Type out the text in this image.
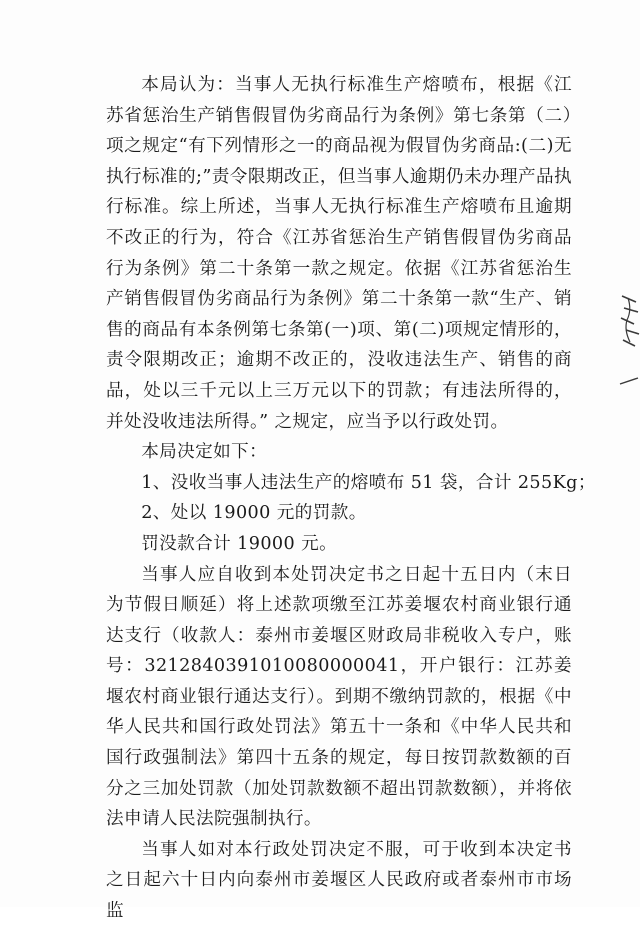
本局认为：当事人无执行标准生产熔喷布，根据《江苏省惩治生产销售假冒伪劣商品行为条例》第七条第（二）项之规定“有下列情形之一的商品视为假冒伪劣商品:(二)无执行标准的;”责令限期改正，但当事人逾期仍未办理产品执行标准。综上所述，当事人无执行标准生产熔喷布且逾期不改正的行为，符合《江苏省惩治生产销售假冒伪劣商品行为条例》第二十条第一款之规定。依据《江苏省惩治生产销售假冒伪劣商品行为条例》第二十条第一款“生产、销售的商品有本条例第七条第(一)项、第(二)项规定情形的，责令限期改正；逾期不改正的，没收违法生产、销售的商品，处以三千元以上三万元以下的罚款；有违法所得的，并处没收违法所得。” 之规定，应当予以行政处罚。

本局决定如下：

1、没收当事人违法生产的熔喷布 51 袋，合计 255Kg；

2、处以 19000 元的罚款。

罚没款合计 19000 元。

当事人应自收到本处罚决定书之日起十五日内（末日为节假日顺延）将上述款项缴至江苏姜堰农村商业银行通达支行（收款人：泰州市姜堰区财政局非税收入专户，账号：3212840391010080000041，开户银行：江苏姜堰农村商业银行通达支行）。到期不缴纳罚款的，根据《中华人民共和国行政处罚法》第五十一条和《中华人民共和国行政强制法》第四十五条的规定，每日按罚款数额的百分之三加处罚款（加处罚款数额不超出罚款数额），并将依法申请人民法院强制执行。

当事人如对本行政处罚决定不服，可于收到本决定书之日起六十日内向泰州市姜堰区人民政府或者泰州市市场监
